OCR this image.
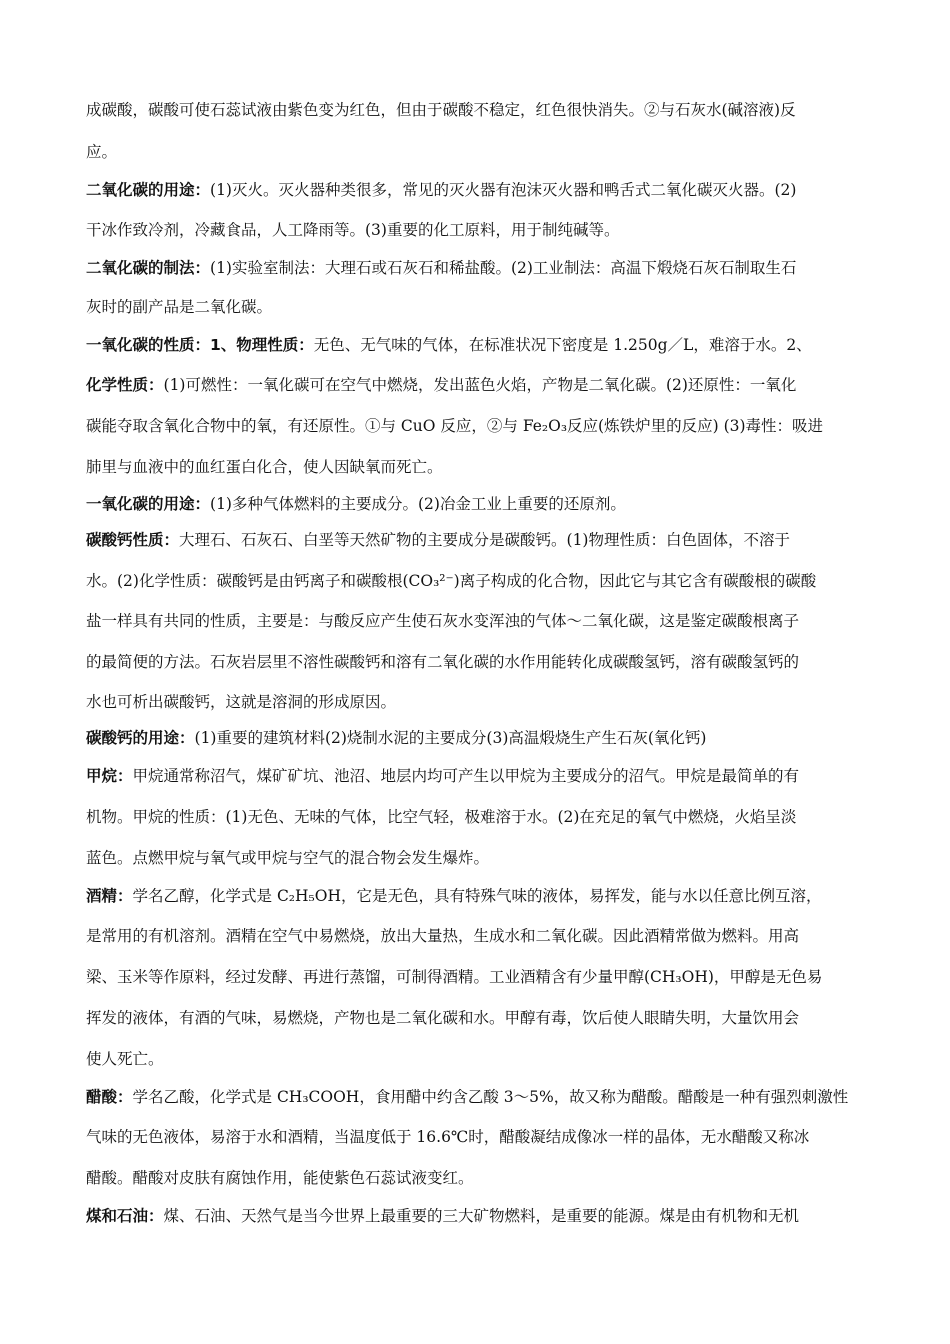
成碳酸，碳酸可使石蕊试液由紫色变为红色，但由于碳酸不稳定，红色很快消失。②与石灰水(碱溶液)反
应。
二氧化碳的用途：(1)灭火。灭火器种类很多，常见的灭火器有泡沫灭火器和鸭舌式二氧化碳灭火器。(2)
干冰作致冷剂，冷藏食品，人工降雨等。(3)重要的化工原料，用于制纯碱等。
二氧化碳的制法：(1)实验室制法：大理石或石灰石和稀盐酸。(2)工业制法：高温下煅烧石灰石制取生石
灰时的副产品是二氧化碳。
一氧化碳的性质：1、物理性质：无色、无气味的气体，在标准状况下密度是 1.250g／L，难溶于水。2、
化学性质：(1)可燃性：一氧化碳可在空气中燃烧，发出蓝色火焰，产物是二氧化碳。(2)还原性：一氧化
碳能夺取含氧化合物中的氧，有还原性。①与 CuO 反应，②与 Fe₂O₃反应(炼铁炉里的反应) (3)毒性：吸进
肺里与血液中的血红蛋白化合，使人因缺氧而死亡。
一氧化碳的用途：(1)多种气体燃料的主要成分。(2)冶金工业上重要的还原剂。
碳酸钙性质：大理石、石灰石、白垩等天然矿物的主要成分是碳酸钙。(1)物理性质：白色固体，不溶于
水。(2)化学性质：碳酸钙是由钙离子和碳酸根(CO₃²⁻)离子构成的化合物，因此它与其它含有碳酸根的碳酸
盐一样具有共同的性质，主要是：与酸反应产生使石灰水变浑浊的气体～二氧化碳，这是鉴定碳酸根离子
的最简便的方法。石灰岩层里不溶性碳酸钙和溶有二氧化碳的水作用能转化成碳酸氢钙，溶有碳酸氢钙的
水也可析出碳酸钙，这就是溶洞的形成原因。
碳酸钙的用途：(1)重要的建筑材料(2)烧制水泥的主要成分(3)高温煅烧生产生石灰(氧化钙)
甲烷：甲烷通常称沼气，煤矿矿坑、池沼、地层内均可产生以甲烷为主要成分的沼气。甲烷是最简单的有
机物。甲烷的性质：(1)无色、无味的气体，比空气轻，极难溶于水。(2)在充足的氧气中燃烧，火焰呈淡
蓝色。点燃甲烷与氧气或甲烷与空气的混合物会发生爆炸。
酒精：学名乙醇，化学式是 C₂H₅OH，它是无色，具有特殊气味的液体，易挥发，能与水以任意比例互溶，
是常用的有机溶剂。酒精在空气中易燃烧，放出大量热，生成水和二氧化碳。因此酒精常做为燃料。用高
梁、玉米等作原料，经过发酵、再进行蒸馏，可制得酒精。工业酒精含有少量甲醇(CH₃OH)，甲醇是无色易
挥发的液体，有酒的气味，易燃烧，产物也是二氧化碳和水。甲醇有毒，饮后使人眼睛失明，大量饮用会
使人死亡。
醋酸：学名乙酸，化学式是 CH₃COOH，食用醋中约含乙酸 3～5%，故又称为醋酸。醋酸是一种有强烈刺激性
气味的无色液体，易溶于水和酒精，当温度低于 16.6℃时，醋酸凝结成像冰一样的晶体，无水醋酸又称冰
醋酸。醋酸对皮肤有腐蚀作用，能使紫色石蕊试液变红。
煤和石油：煤、石油、天然气是当今世界上最重要的三大矿物燃料，是重要的能源。煤是由有机物和无机
